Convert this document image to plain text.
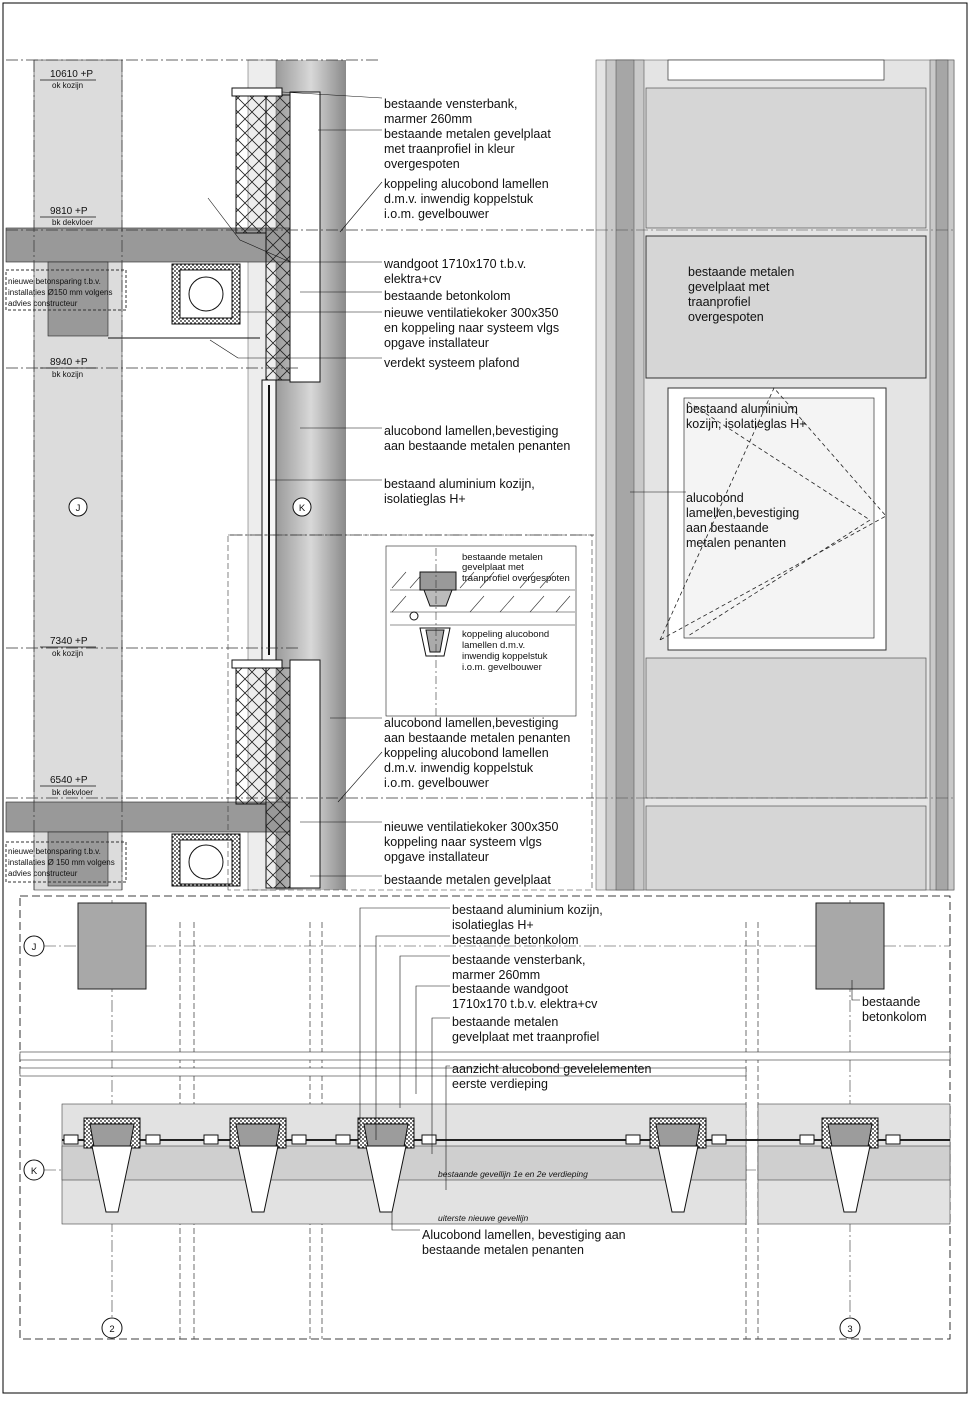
10610 +P
ok kozijn
9810 +P
bk dekvloer
8940 +P
bk kozijn
7340 +P
ok kozijn
6540 +P
bk dekvloer
J	K
nieuwe betonsparing t.b.v.
installaties Ø150 mm volgens
advies constructeur
nieuwe betonsparing t.b.v.
installaties Ø 150 mm volgens
advies constructeur
bestaande vensterbank,
marmer 260mm
bestaande metalen gevelplaat
met traanprofiel in kleur
overgespoten
koppeling alucobond lamellen
d.m.v. inwendig koppelstuk
i.o.m. gevelbouwer
wandgoot 1710x170 t.b.v.
elektra+cv
bestaande betonkolom
nieuwe ventilatiekoker 300x350
en koppeling naar systeem vlgs
opgave installateur
verdekt systeem plafond
alucobond lamellen,bevestiging
aan bestaande metalen penanten
bestaand aluminium kozijn,
isolatieglas H+
alucobond lamellen,bevestiging
aan bestaande metalen penanten
koppeling alucobond lamellen
d.m.v. inwendig koppelstuk
i.o.m. gevelbouwer
nieuwe ventilatiekoker 300x350
koppeling naar systeem vlgs
opgave installateur
bestaande metalen gevelplaat
bestaande metalen
gevelplaat met
traanprofiel overgespoten
koppeling alucobond
lamellen d.m.v.
inwendig koppelstuk
i.o.m. gevelbouwer
bestaande metalen
gevelplaat met
traanprofiel
overgespoten
bestaand aluminium
kozijn, isolatieglas H+
alucobond
lamellen,bevestiging
aan bestaande
metalen penanten
J
K
2	3
bestaand aluminium kozijn,
isolatieglas H+
bestaande betonkolom
bestaande vensterbank,
marmer 260mm
bestaande wandgoot
1710x170 t.b.v. elektra+cv
bestaande metalen
gevelplaat met traanprofiel
aanzicht alucobond gevelelementen
eerste verdieping
bestaande
betonkolom
bestaande gevellijn 1e en 2e verdieping
uiterste nieuwe gevellijn
Alucobond lamellen, bevestiging aan
bestaande metalen penanten
